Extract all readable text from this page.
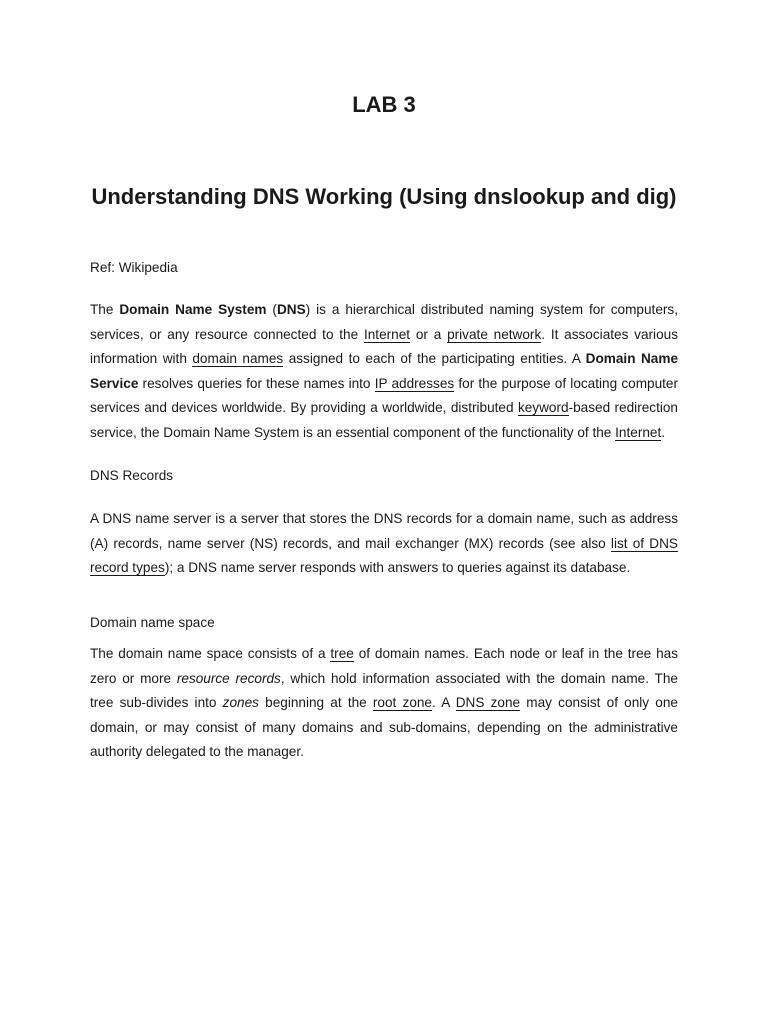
LAB 3
Understanding DNS Working (Using dnslookup and dig)

Ref: Wikipedia

The Domain Name System (DNS) is a hierarchical distributed naming system for computers, services, or any resource connected to the Internet or a private network. It associates various information with domain names assigned to each of the participating entities. A Domain Name Service resolves queries for these names into IP addresses for the purpose of locating computer services and devices worldwide. By providing a worldwide, distributed keyword-based redirection service, the Domain Name System is an essential component of the functionality of the Internet.

DNS Records

A DNS name server is a server that stores the DNS records for a domain name, such as address (A) records, name server (NS) records, and mail exchanger (MX) records (see also list of DNS record types); a DNS name server responds with answers to queries against its database.

Domain name space

The domain name space consists of a tree of domain names. Each node or leaf in the tree has zero or more resource records, which hold information associated with the domain name. The tree sub-divides into zones beginning at the root zone. A DNS zone may consist of only one domain, or may consist of many domains and sub-domains, depending on the administrative authority delegated to the manager.
